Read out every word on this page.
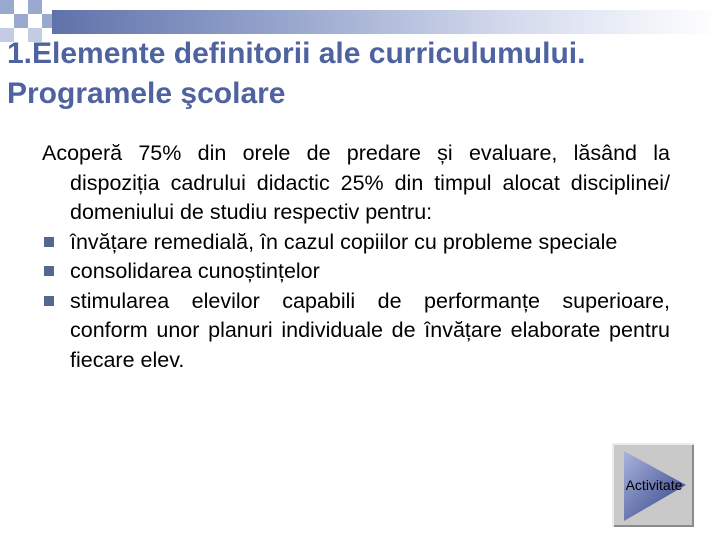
1.Elemente definitorii ale curriculumului.
Programele şcolare

Acoperă 75% din orele de predare și evaluare, lăsând la dispoziția cadrului didactic 25% din timpul alocat disciplinei/ domeniului de studiu respectiv pentru:

învățare remedială, în cazul copiilor cu probleme speciale
consolidarea cunoștințelor
stimularea elevilor capabili de performanțe superioare, conform unor planuri individuale de învățare elaborate pentru fiecare elev.
Activitate
